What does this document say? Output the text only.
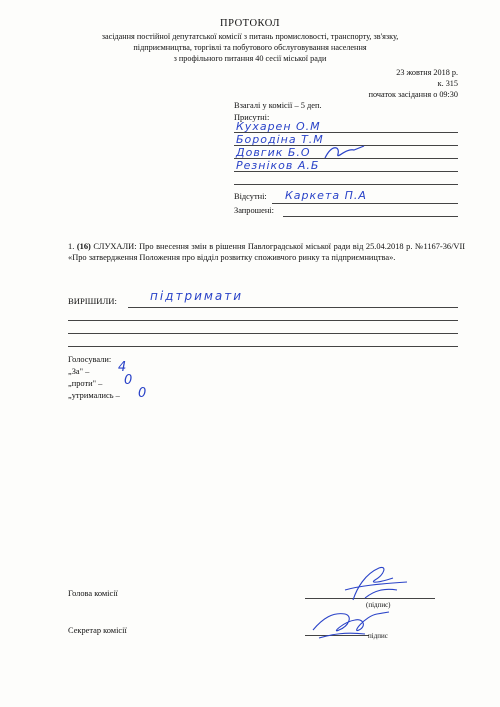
ПРОТОКОЛ
засідання постійної депутатської комісії з питань промисловості, транспорту, зв'язку,
підприємництва, торгівлі та побутового обслуговування населення
з профільного питання 40 сесії міської ради
23 жовтня 2018 р.
к. 315
початок засідання о 09:30
Взагалі у комісії – 5 деп.
Присутні:
Кухарен О.М
Бородіна Т.М
Довгик Б.О
Резніков А.Б
Відсутні: Каркета П.А
Запрошені:
1. (16) СЛУХАЛИ: Про внесення змін в рішення Павлоградської міської ради від 25.04.2018 р. №1167-36/VII «Про затвердження Положення про відділ розвитку споживчого ринку та підприємництва».
ВИРІШИЛИ:	підтримати
Голосували:
„За" – 4
„проти" – 0
„утримались – 0
Голова комісії
(підпис)
Секретар комісії
підпис
